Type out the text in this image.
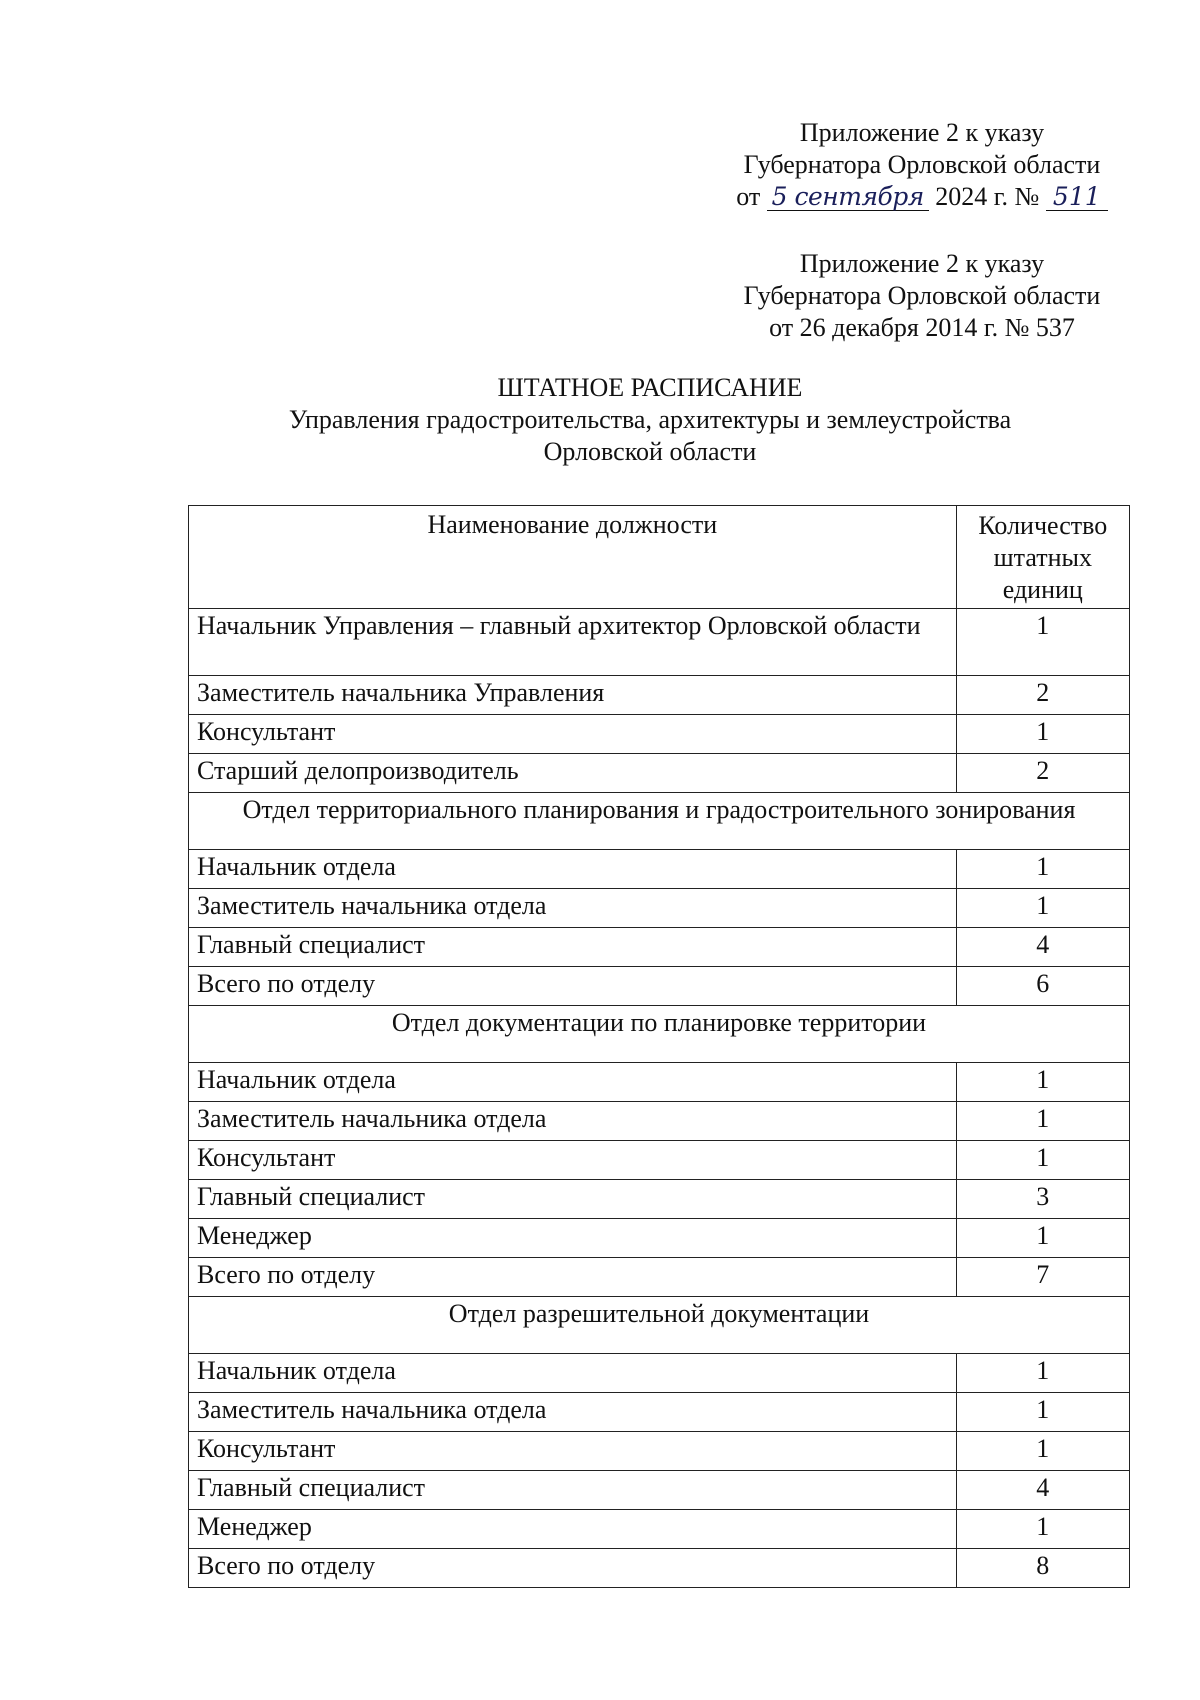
Приложение 2 к указу
Губернатора Орловской области
от 5 сентября 2024 г. № 511
Приложение 2 к указу
Губернатора Орловской области
от 26 декабря 2014 г. № 537
ШТАТНОЕ РАСПИСАНИЕ
Управления градостроительства, архитектуры и землеустройства
Орловской области
Наименование должности	Количество
штатных
единиц
Начальник Управления – главный архитектор Орловской области	1
Заместитель начальника Управления	2
Консультант	1
Старший делопроизводитель	2
Отдел территориального планирования и градостроительного зонирования	
Начальник отдела	1
Заместитель начальника отдела	1
Главный специалист	4
Всего по отделу	6
Отдел документации по планировке территории	
Начальник отдела	1
Заместитель начальника отдела	1
Консультант	1
Главный специалист	3
Менеджер	1
Всего по отделу	7
Отдел разрешительной документации	
Начальник отдела	1
Заместитель начальника отдела	1
Консультант	1
Главный специалист	4
Менеджер	1
Всего по отделу	8
